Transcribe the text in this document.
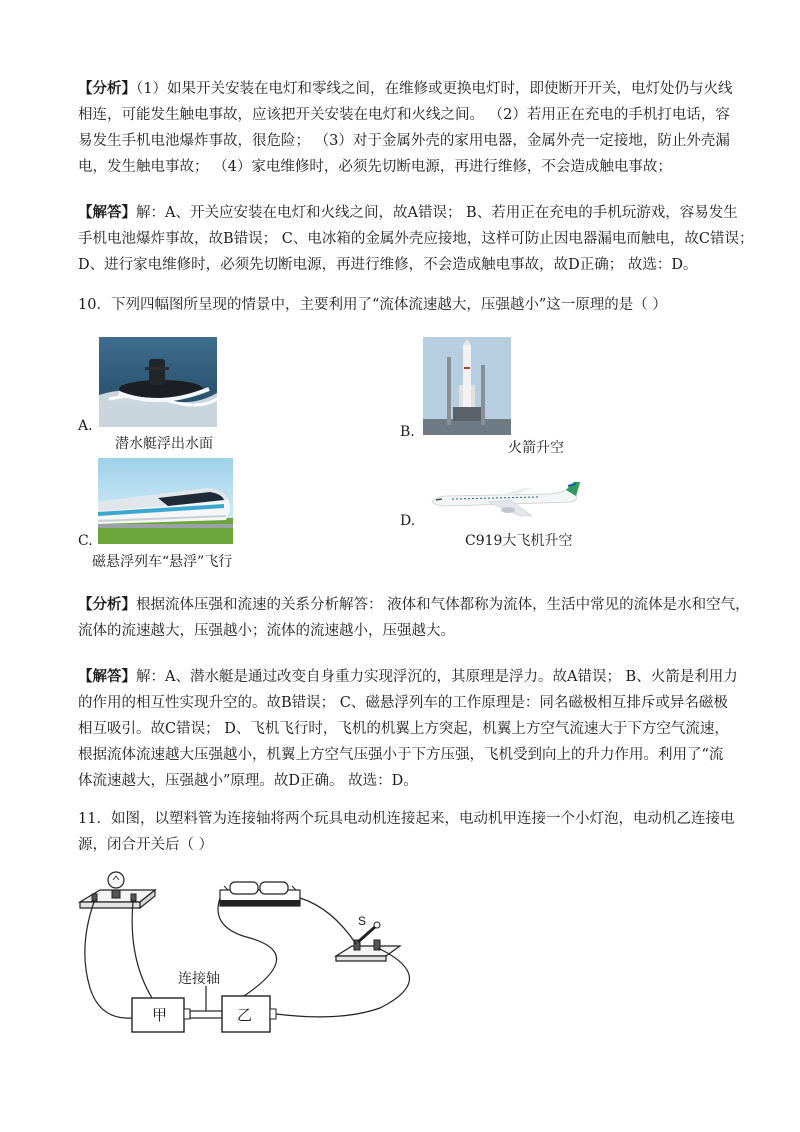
【分析】（1）如果开关安装在电灯和零线之间，在维修或更换电灯时，即使断开开关，电灯处仍与火线

相连，可能发生触电事故，应该把开关安装在电灯和火线之间。 （2）若用正在充电的手机打电话，容

易发生手机电池爆炸事故，很危险； （3）对于金属外壳的家用电器，金属外壳一定接地，防止外壳漏

电，发生触电事故； （4）家电维修时，必须先切断电源，再进行维修，不会造成触电事故；

【解答】解：A、开关应安装在电灯和火线之间，故A错误； B、若用正在充电的手机玩游戏，容易发生

手机电池爆炸事故，故B错误； C、电冰箱的金属外壳应接地，这样可防止因电器漏电而触电，故C错误；

D、进行家电维修时，必须先切断电源，再进行维修，不会造成触电事故，故D正确； 故选：D。

10．下列四幅图所呈现的情景中，主要利用了“流体流速越大，压强越小”这一原理的是（ ）

A.
潜水艇浮出水面
B.
火箭升空
C.
磁悬浮列车“悬浮”飞行
D.
C919大飞机升空

【分析】根据流体压强和流速的关系分析解答： 液体和气体都称为流体，生活中常见的流体是水和空气，

流体的流速越大，压强越小；流体的流速越小，压强越大。

【解答】解：A、潜水艇是通过改变自身重力实现浮沉的，其原理是浮力。故A错误； B、火箭是利用力

的作用的相互性实现升空的。故B错误； C、磁悬浮列车的工作原理是：同名磁极相互排斥或异名磁极

相互吸引。故C错误； D、飞机飞行时，飞机的机翼上方突起，机翼上方空气流速大于下方空气流速，

根据流体流速越大压强越小，机翼上方空气压强小于下方压强，飞机受到向上的升力作用。利用了“流

体流速越大，压强越小”原理。故D正确。 故选：D。

11．如图，以塑料管为连接轴将两个玩具电动机连接起来，电动机甲连接一个小灯泡，电动机乙连接电

源，闭合开关后（ ）

甲	乙
连接轴
S
